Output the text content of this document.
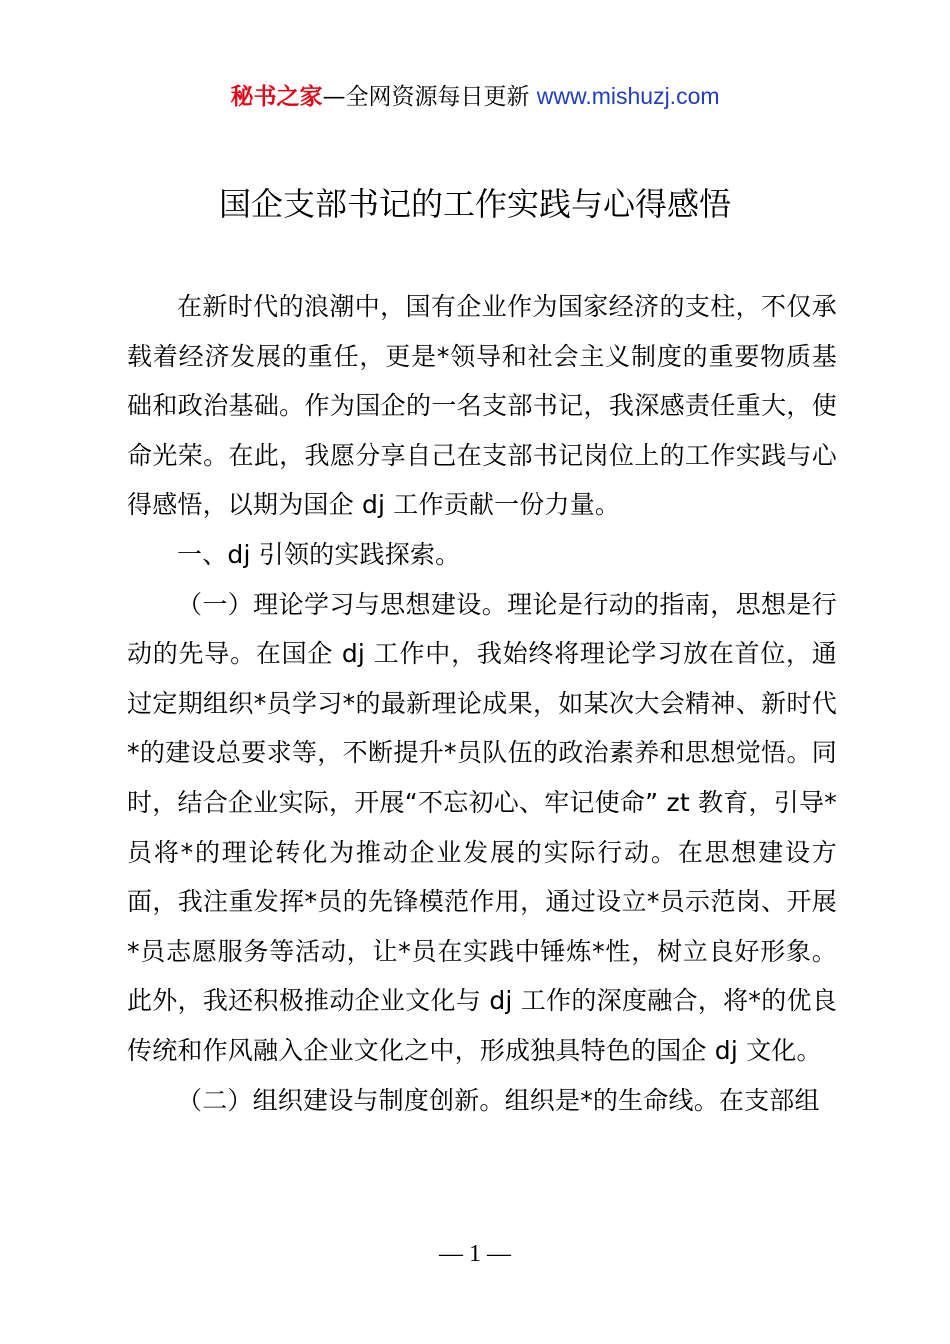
秘书之家—全网资源每日更新 www.mishuzj.com
国企支部书记的工作实践与心得感悟

在新时代的浪潮中，国有企业作为国家经济的支柱，不仅承载着经济发展的重任，更是*领导和社会主义制度的重要物质基础和政治基础。作为国企的一名支部书记，我深感责任重大，使命光荣。在此，我愿分享自己在支部书记岗位上的工作实践与心得感悟，以期为国企 dj 工作贡献一份力量。

一、dj 引领的实践探索。

（一）理论学习与思想建设。理论是行动的指南，思想是行动的先导。在国企 dj 工作中，我始终将理论学习放在首位，通过定期组织*员学习*的最新理论成果，如某次大会精神、新时代*的建设总要求等，不断提升*员队伍的政治素养和思想觉悟。同时，结合企业实际，开展“不忘初心、牢记使命” zt 教育，引导*员将*的理论转化为推动企业发展的实际行动。在思想建设方面，我注重发挥*员的先锋模范作用，通过设立*员示范岗、开展*员志愿服务等活动，让*员在实践中锤炼*性，树立良好形象。此外，我还积极推动企业文化与 dj 工作的深度融合，将*的优良传统和作风融入企业文化之中，形成独具特色的国企 dj 文化。

（二）组织建设与制度创新。组织是*的生命线。在支部组

— 1 —
